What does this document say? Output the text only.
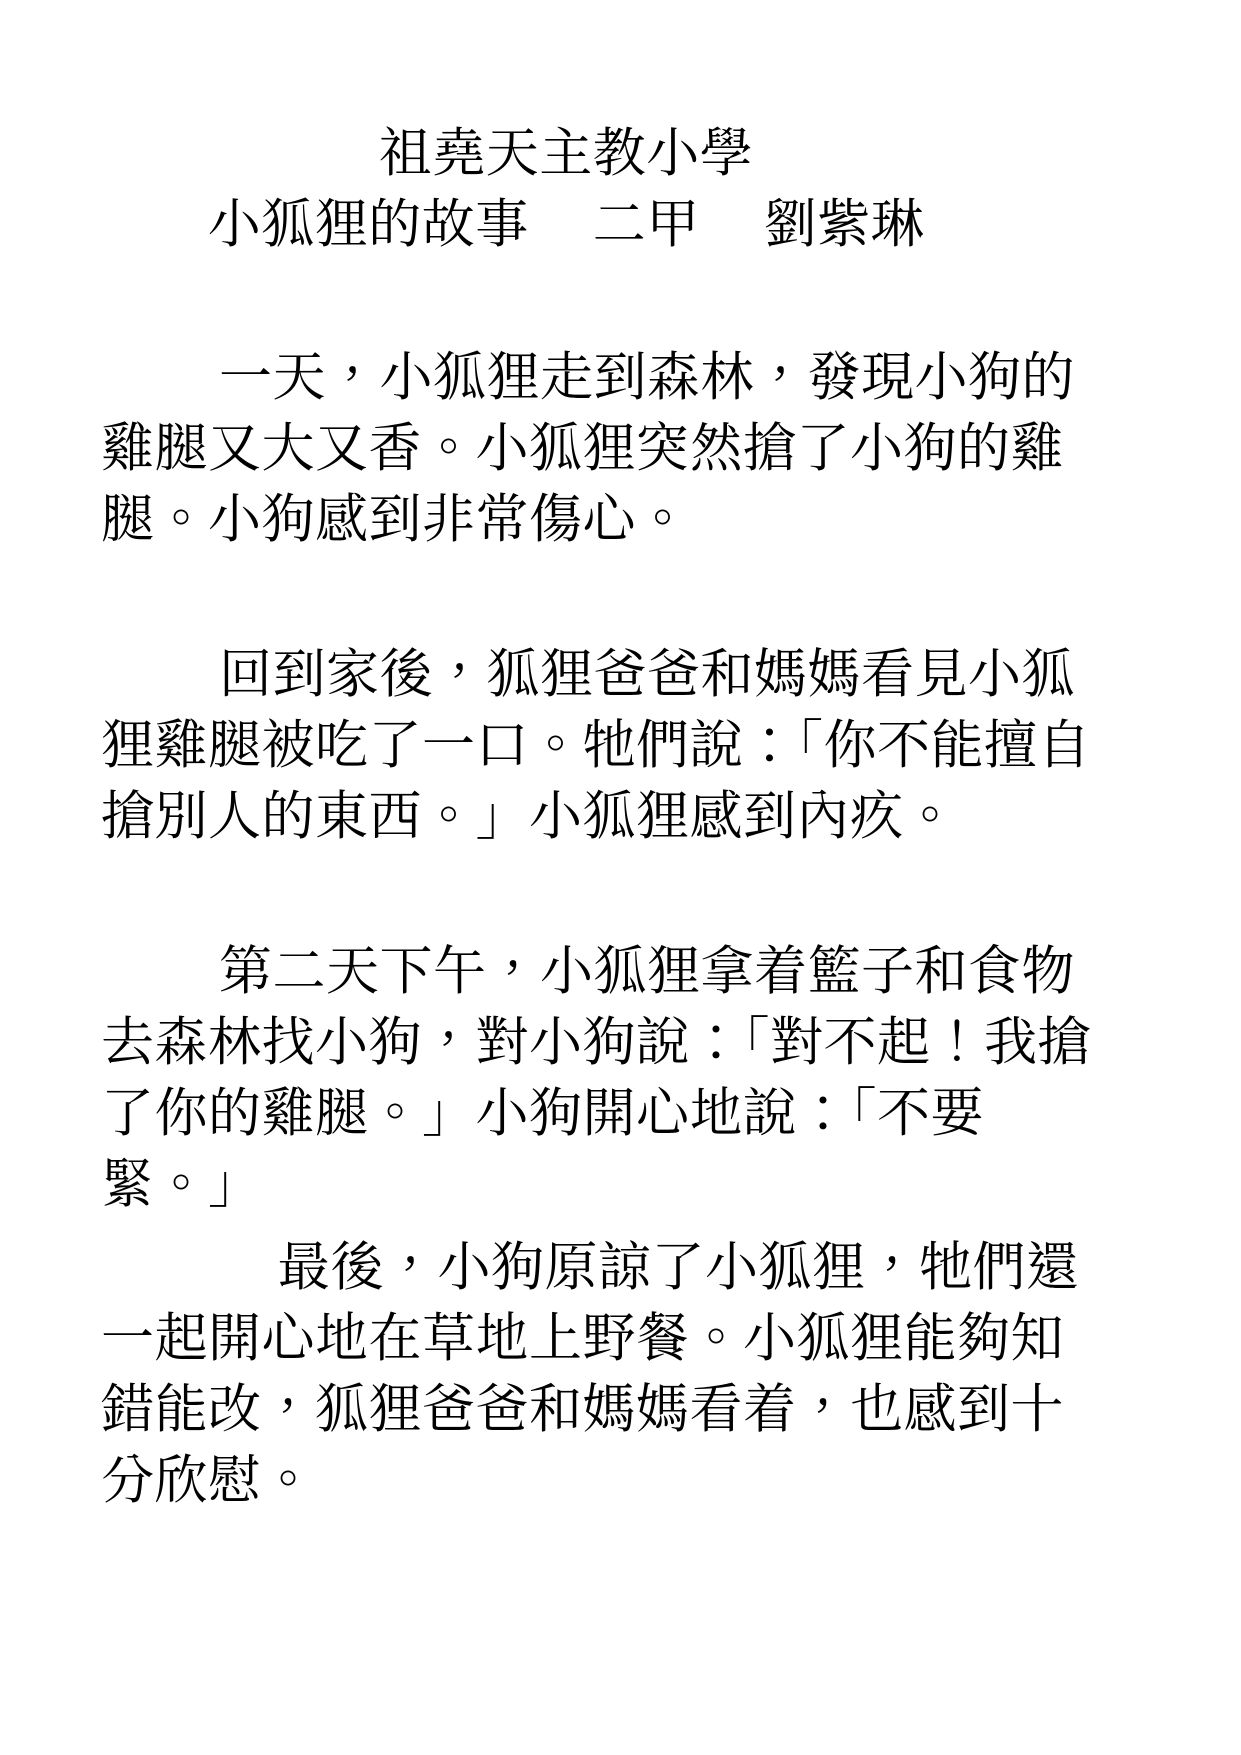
祖堯天主教小學
小狐狸的故事 二甲 劉紫琳
一天，小狐狸走到森林，發現小狗的
雞腿又大又香。小狐狸突然搶了小狗的雞
腿。小狗感到非常傷心。
回到家後，狐狸爸爸和媽媽看見小狐
狸雞腿被吃了一口。牠們說：「你不能擅自
搶別人的東西。」小狐狸感到內疚。
第二天下午，小狐狸拿着籃子和食物
去森林找小狗，對小狗說：「對不起！我搶
了你的雞腿。」小狗開心地說：「不要
緊。」
最後，小狗原諒了小狐狸，牠們還
一起開心地在草地上野餐。小狐狸能夠知
錯能改，狐狸爸爸和媽媽看着，也感到十
分欣慰。
